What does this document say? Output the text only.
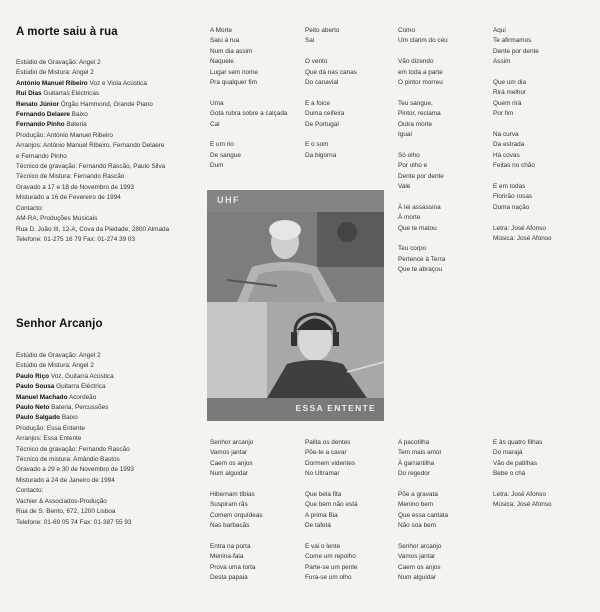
A morte saiu à rua
Estúdio de Gravação: Angel 2
Estúdio de Mistura: Angel 2
António Manuel Ribeiro Voz e Viola Acústica
Rui Dias Guitarras Eléctricas
Renato Júnior Órgão Hammond, Grande Piano
Fernando Delaere Baixo
Fernando Pinho Bateria
Produção: António Manuel Ribeiro
Arranjos: António Manuel Ribeiro, Fernando Delaere
e Fernando Pinho
Técnico de gravação: Fernando Rascão, Paulo Silva
Técnico de Mistura: Fernando Rascão
Gravado a 17 e 18 de Novembro de 1993
Misturado a 16 de Fevereiro de 1994
Contacto:
AM-RA, Produções Musicais
Rua D. João III, 12-A, Cova da Piedade, 2800 Almada
Telefone: 01-275 16 79 Fax: 01-274 39 03
A Morte
Saiu à rua
Num dia assim
Naquele
Lugar sem nome
Pra qualquer fim
Uma
Gota rubra sobre a calçada
Cai
E um rio
De sangue
Dum
Peito aberto
Sai
O vento
Que dá nas canas
Do canavial
E a foice
Duma ceifeira
De Portugal
E o som
Da bigorna
Como
Um clarim do céu
Vão dizendo
em toda a parte
O pintor morreu
Teu sangue,
Pintor, reclama
Outra morte
Igual
Só olho
Por olho e
Dente por dente
Vale
À lei assassina
À morte
Que te matou
Teu corpo
Pertence à Terra
Que te abraçou
Aqui
Te afirmamos
Dente por dente
Assim
Que um dia
Rirá melhor
Quem rirá
Por fim
Na curva
Da estrada
Há covas
Feitas no chão
E em todas
Florirão rosas
Duma nação
Letra: José Afonso
Música: José Afonso
Senhor Arcanjo
Estúdio de Gravação: Angel 2
Estúdio de Mistura: Angel 2
Paulo Riço Voz, Guitarra Acústica
Paulo Sousa Guitarra Eléctrica
Manuel Machado Acordeão
Paulo Neto Bateria, Percussões
Paulo Salgado Baixo
Produção: Essa Entente
Arranjos: Essa Entente
Técnico de gravação: Fernando Rascão
Técnico de mistura: Amândio Bastos
Gravado a 29 e 30 de Novembro de 1993
Misturado a 24 de Janeiro de 1994
Contacto:
Vachier & Associados-Produção
Rua de S. Bento, 672, 1200 Lisboa
Telefone: 01-69 05 74 Fax: 01-387 55 93
Senhor arcanjo
Vamos jantar
Caem os anjos
Num alguidar
Hibernam tíbias
Suspiram rãs
Comem orquídeas
Nas barbacãs
Entra na porta
Menina-faia
Prova uma torta
Desta papaia
Palita os dentes
Põe-te a cavar
Dormem videntes
No Ultramar
Que bela fita
Que bem não está
A prima Bia
De tafetá
E vai o lente
Come um repolho
Parte-se um pente
Fura-se um olho
A pacotilha
Tem mais amor
À garrantilha
Do regedor
Põe a gravata
Menino bem
Que essa cantata
Não soa bem
Senhor arcanjo
Vamos jantar
Caem os anjos
Num alguidar
E às quatro filhas
Do marajá
Vão de patilhas
Bebe o chá
Letra: José Afonso
Música: José Afonso
UHF
ESSA ENTENTE
